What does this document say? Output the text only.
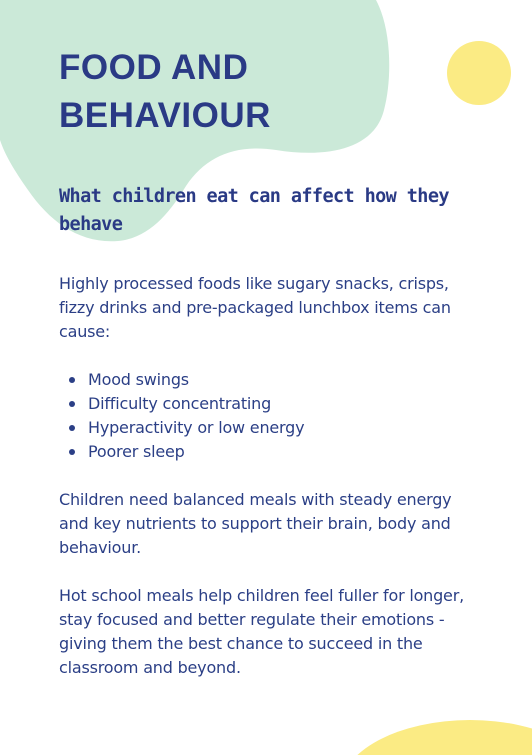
FOOD AND
BEHAVIOUR
What children eat can affect how they behave

Highly processed foods like sugary snacks, crisps, fizzy drinks and pre-packaged lunchbox items can cause:

Mood swings
Difficulty concentrating
Hyperactivity or low energy
Poorer sleep

Children need balanced meals with steady energy and key nutrients to support their brain, body and behaviour.

Hot school meals help children feel fuller for longer, stay focused and better regulate their emotions - giving them the best chance to succeed in the classroom and beyond.
